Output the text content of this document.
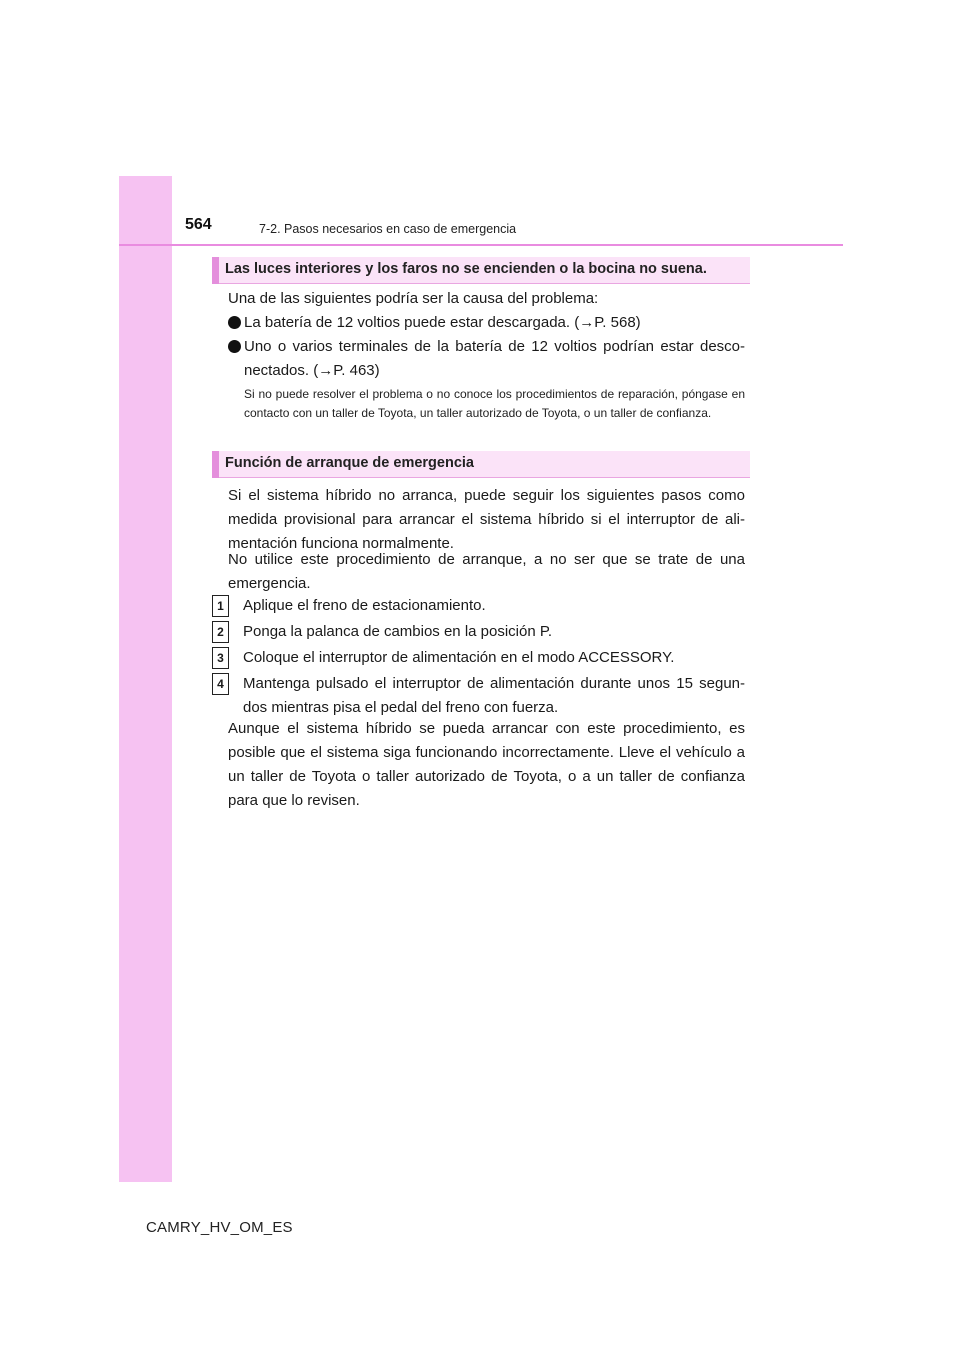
564	7-2. Pasos necesarios en caso de emergencia
Las luces interiores y los faros no se encienden o la bocina no suena.
Una de las siguientes podría ser la causa del problema:
La batería de 12 voltios puede estar descargada. (→P. 568)
Uno o varios terminales de la batería de 12 voltios podrían estar desco-nectados. (→P. 463)
Si no puede resolver el problema o no conoce los procedimientos de reparación, póngase en contacto con un taller de Toyota, un taller autorizado de Toyota, o un taller de confianza.
Función de arranque de emergencia
Si el sistema híbrido no arranca, puede seguir los siguientes pasos como medida provisional para arrancar el sistema híbrido si el interruptor de ali-mentación funciona normalmente.
No utilice este procedimiento de arranque, a no ser que se trate de una emergencia.
1	Aplique el freno de estacionamiento.
2	Ponga la palanca de cambios en la posición P.
3	Coloque el interruptor de alimentación en el modo ACCESSORY.
4	Mantenga pulsado el interruptor de alimentación durante unos 15 segun-dos mientras pisa el pedal del freno con fuerza.
Aunque el sistema híbrido se pueda arrancar con este procedimiento, es posible que el sistema siga funcionando incorrectamente. Lleve el vehículo a un taller de Toyota o taller autorizado de Toyota, o a un taller de confianza para que lo revisen.
CAMRY_HV_OM_ES
